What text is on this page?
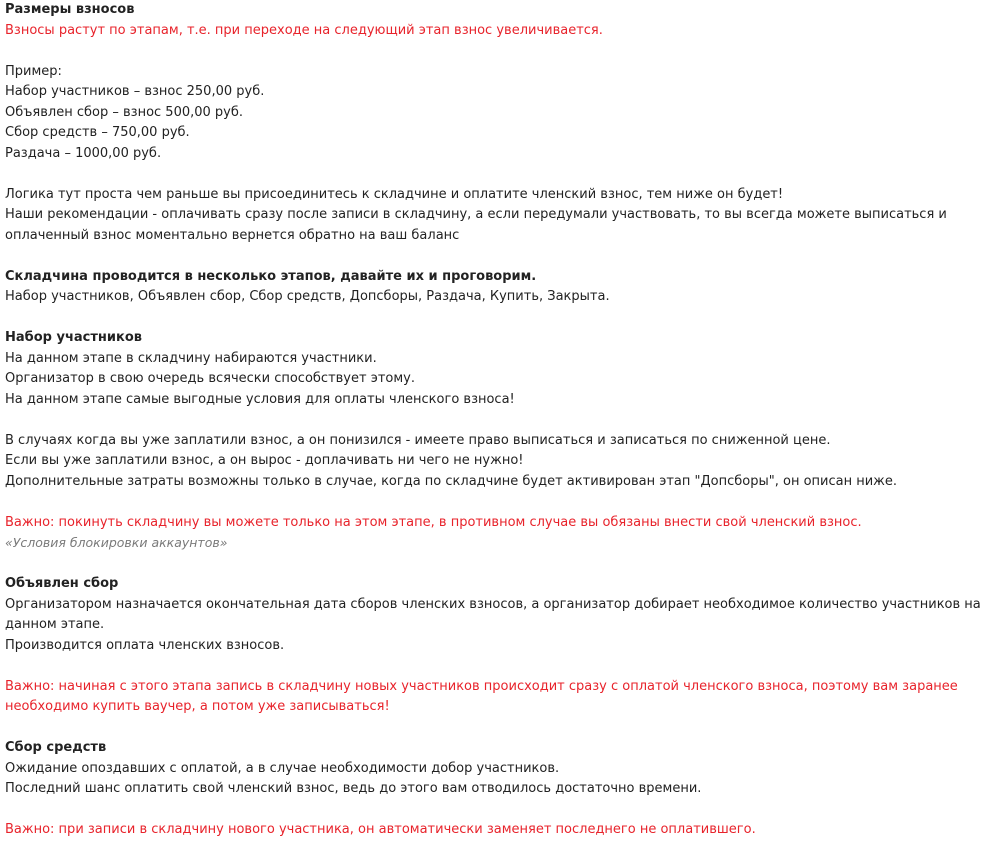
Размеры взносов
Взносы растут по этапам, т.е. при переходе на следующий этап взнос увеличивается.
Пример:
Набор участников – взнос 250,00 руб.
Объявлен сбор – взнос 500,00 руб.
Сбор средств – 750,00 руб.
Раздача – 1000,00 руб.
Логика тут проста чем раньше вы присоединитесь к складчине и оплатите членский взнос, тем ниже он будет!
Наши рекомендации - оплачивать сразу после записи в складчину, а если передумали участвовать, то вы всегда можете выписаться и оплаченный взнос моментально вернется обратно на ваш баланс
Складчина проводится в несколько этапов, давайте их и проговорим.
Набор участников, Объявлен сбор, Сбор средств, Допсборы, Раздача, Купить, Закрыта.
Набор участников
На данном этапе в складчину набираются участники.
Организатор в свою очередь всячески способствует этому.
На данном этапе самые выгодные условия для оплаты членского взноса!
В случаях когда вы уже заплатили взнос, а он понизился - имеете право выписаться и записаться по сниженной цене.
Если вы уже заплатили взнос, а он вырос - доплачивать ни чего не нужно!
Дополнительные затраты возможны только в случае, когда по складчине будет активирован этап "Допсборы", он описан ниже.
Важно: покинуть складчину вы можете только на этом этапе, в противном случае вы обязаны внести свой членский взнос.
«Условия блокировки аккаунтов»
Объявлен сбор
Организатором назначается окончательная дата сборов членских взносов, а организатор добирает необходимое количество участников на данном этапе.
Производится оплата членских взносов.
Важно: начиная с этого этапа запись в складчину новых участников происходит сразу с оплатой членского взноса, поэтому вам заранее необходимо купить ваучер, а потом уже записываться!
Сбор средств
Ожидание опоздавших с оплатой, а в случае необходимости добор участников.
Последний шанс оплатить свой членский взнос, ведь до этого вам отводилось достаточно времени.
Важно: при записи в складчину нового участника, он автоматически заменяет последнего не оплатившего.
